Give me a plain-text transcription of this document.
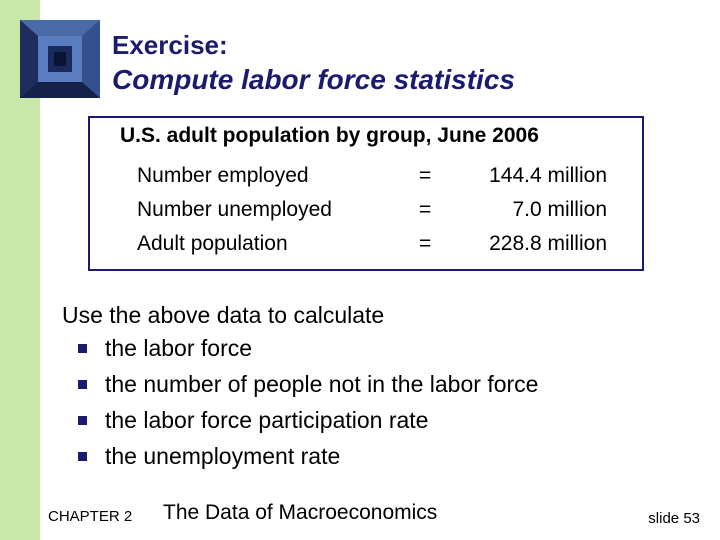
Exercise:
Compute labor force statistics
U.S. adult population by group, June 2006
Number employed	=	144.4 million
Number unemployed	=	7.0 million
Adult population	=	228.8 million
Use the above data to calculate
the labor force
the number of people not in the labor force
the labor force participation rate
the unemployment rate
CHAPTER 2 The Data of Macroeconomics	slide 53
